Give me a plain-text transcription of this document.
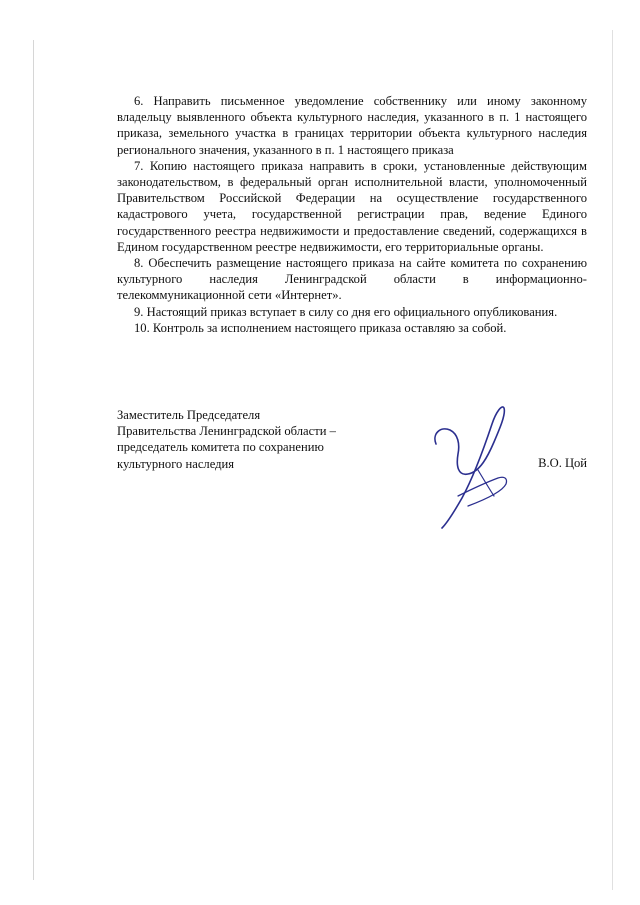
6. Направить письменное уведомление собственнику или иному законному владельцу выявленного объекта культурного наследия, указанного в п. 1 настоящего приказа, земельного участка в границах территории объекта культурного наследия регионального значения, указанного в п. 1 настоящего приказа

7. Копию настоящего приказа направить в сроки, установленные действующим законодательством, в федеральный орган исполнительной власти, уполномоченный Правительством Российской Федерации на осуществление государственного кадастрового учета, государственной регистрации прав, ведение Единого государственного реестра недвижимости и предоставление сведений, содержащихся в Едином государственном реестре недвижимости, его территориальные органы.

8. Обеспечить размещение настоящего приказа на сайте комитета по сохранению культурного наследия Ленинградской области в информационно-телекоммуникационной сети «Интернет».

9. Настоящий приказ вступает в силу со дня его официального опубликования.

10. Контроль за исполнением настоящего приказа оставляю за собой.

Заместитель Председателя
Правительства Ленинградской области –
председатель комитета по сохранению
культурного наследия	В.О. Цой
